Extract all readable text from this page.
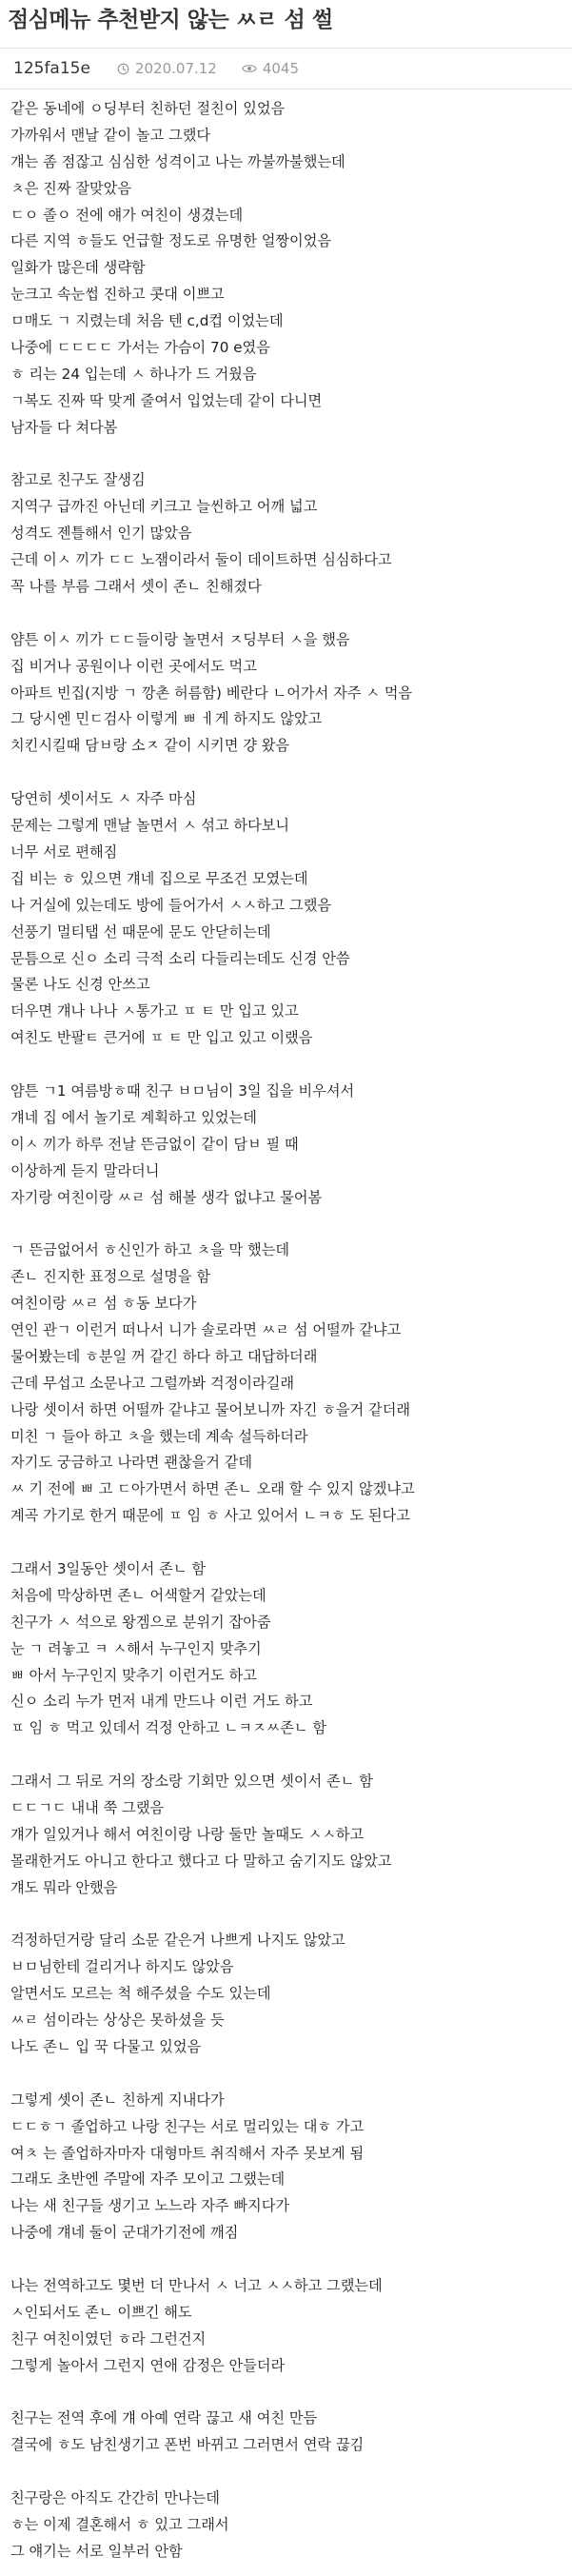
점심메뉴 추천받지 않는 ㅆㄹ 섬 썰
125fa15e	2020.07.12	4045
같은 동네에 ㅇ딩부터 친하던 절친이 있었음
가까워서 맨날 같이 놀고 그랬다
걔는 좀 점잖고 심심한 성격이고 나는 까불까불했는데
ㅊ은 진짜 잘맞았음
ㄷㅇ 졸ㅇ 전에 얘가 여친이 생겼는데
다른 지역 ㅎ들도 언급할 정도로 유명한 얼짱이었음
일화가 많은데 생략함
눈크고 속눈썹 진하고 콧대 이쁘고
ㅁ매도 ㄱ 지렸는데 처음 텐 c,d컵 이었는데
나중에 ㄷㄷㄷㄷ 가서는 가슴이 70 e였음
ㅎ 리는 24 입는데 ㅅ 하나가 드 거웠음
ㄱ복도 진짜 딱 맞게 줄여서 입었는데 같이 다니면
남자들 다 쳐다봄

참고로 친구도 잘생김
지역구 급까진 아닌데 키크고 늘씬하고 어깨 넓고
성격도 젠틀해서 인기 많았음
근데 이ㅅ 끼가 ㄷㄷ 노잼이라서 둘이 데이트하면 심심하다고
꼭 나를 부름 그래서 셋이 존ㄴ 친해졌다

얌튼 이ㅅ 끼가 ㄷㄷ들이랑 놀면서 ㅈ딩부터 ㅅ을 했음
집 비거나 공원이나 이런 곳에서도 먹고
아파트 빈집(지방 ㄱ 깡촌 허름함) 베란다 ㄴ어가서 자주 ㅅ 먹음
그 당시엔 민ㄷ검사 이렇게 ㅃ ㅔ게 하지도 않았고
치킨시킬때 담ㅂ랑 소ㅈ 같이 시키면 걍 왔음

당연히 셋이서도 ㅅ 자주 마심
문제는 그렇게 맨날 놀면서 ㅅ 섞고 하다보니
너무 서로 편해짐
집 비는 ㅎ 있으면 걔네 집으로 무조건 모였는데
나 거실에 있는데도 방에 들어가서 ㅅㅅ하고 그랬음
선풍기 멀티탭 선 때문에 문도 안닫히는데
문틈으로 신ㅇ 소리 극적 소리 다들리는데도 신경 안씀
물론 나도 신경 안쓰고
더우면 걔나 나나 ㅅ통가고 ㅍ ㅌ 만 입고 있고
여친도 반팔ㅌ 큰거에 ㅍ ㅌ 만 입고 있고 이랬음

얌튼 ㄱ1 여름방ㅎ때 친구 ㅂㅁ님이 3일 집을 비우셔서
걔네 집 에서 놀기로 계획하고 있었는데
이ㅅ 끼가 하루 전날 뜬금없이 같이 담ㅂ 필 때
이상하게 듣지 말라더니
자기랑 여친이랑 ㅆㄹ 섬 해볼 생각 없냐고 물어봄

ㄱ 뜬금없어서 ㅎ신인가 하고 ㅊ을 막 했는데
존ㄴ 진지한 표정으로 설명을 함
여친이랑 ㅆㄹ 섬 ㅎ동 보다가
연인 관ㄱ 이런거 떠나서 니가 솔로라면 ㅆㄹ 섬 어떨까 같냐고
물어봤는데 ㅎ분일 꺼 같긴 하다 하고 대답하더래
근데 무섭고 소문나고 그럴까봐 걱정이라길래
나랑 셋이서 하면 어떨까 같냐고 물어보니까 자긴 ㅎ을거 같더래
미친 ㄱ 들아 하고 ㅊ을 했는데 계속 설득하더라
자기도 궁금하고 나라면 괜찮을거 같데
ㅆ 기 전에 ㅃ 고 ㄷ아가면서 하면 존ㄴ 오래 할 수 있지 않겠냐고
계곡 가기로 한거 때문에 ㅍ 임 ㅎ 사고 있어서 ㄴㅋㅎ 도 된다고

그래서 3일동안 셋이서 존ㄴ 함
처음에 막상하면 존ㄴ 어색할거 같았는데
친구가 ㅅ 석으로 왕겜으로 분위기 잡아줌
눈 ㄱ 려놓고 ㅋ ㅅ해서 누구인지 맞추기
ㅃ 아서 누구인지 맞추기 이런거도 하고
신ㅇ 소리 누가 먼저 내게 만드나 이런 거도 하고
ㅍ 임 ㅎ 먹고 있데서 걱정 안하고 ㄴㅋㅈㅆ존ㄴ 함

그래서 그 뒤로 거의 장소랑 기회만 있으면 셋이서 존ㄴ 함
ㄷㄷㄱㄷ 내내 쭉 그랬음
걔가 일있거나 해서 여친이랑 나랑 둘만 놀때도 ㅅㅅ하고
몰래한거도 아니고 한다고 했다고 다 말하고 숨기지도 않았고
걔도 뭐라 안했음

걱정하던거랑 달리 소문 같은거 나쁘게 나지도 않았고
ㅂㅁ님한테 걸리거나 하지도 않았음
알면서도 모르는 척 해주셨을 수도 있는데
ㅆㄹ 섬이라는 상상은 못하셨을 듯
나도 존ㄴ 입 꾹 다물고 있었음

그렇게 셋이 존ㄴ 친하게 지내다가
ㄷㄷㅎㄱ 졸업하고 나랑 친구는 서로 멀리있는 대ㅎ 가고
여ㅊ 는 졸업하자마자 대형마트 취직해서 자주 못보게 됨
그래도 초반엔 주말에 자주 모이고 그랬는데
나는 새 친구들 생기고 노느라 자주 빠지다가
나중에 걔네 둘이 군대가기전에 깨짐

나는 전역하고도 몇번 더 만나서 ㅅ 너고 ㅅㅅ하고 그랬는데
ㅅ인되서도 존ㄴ 이쁘긴 해도
친구 여친이였던 ㅎ라 그런건지
그렇게 놀아서 그런지 연애 감정은 안들더라

친구는 전역 후에 걔 아예 연락 끊고 새 여친 만듬
결국에 ㅎ도 남친생기고 폰번 바뀌고 그러면서 연락 끊김

친구랑은 아직도 간간히 만나는데
ㅎ는 이제 결혼해서 ㅎ 있고 그래서
그 얘기는 서로 일부러 안함
